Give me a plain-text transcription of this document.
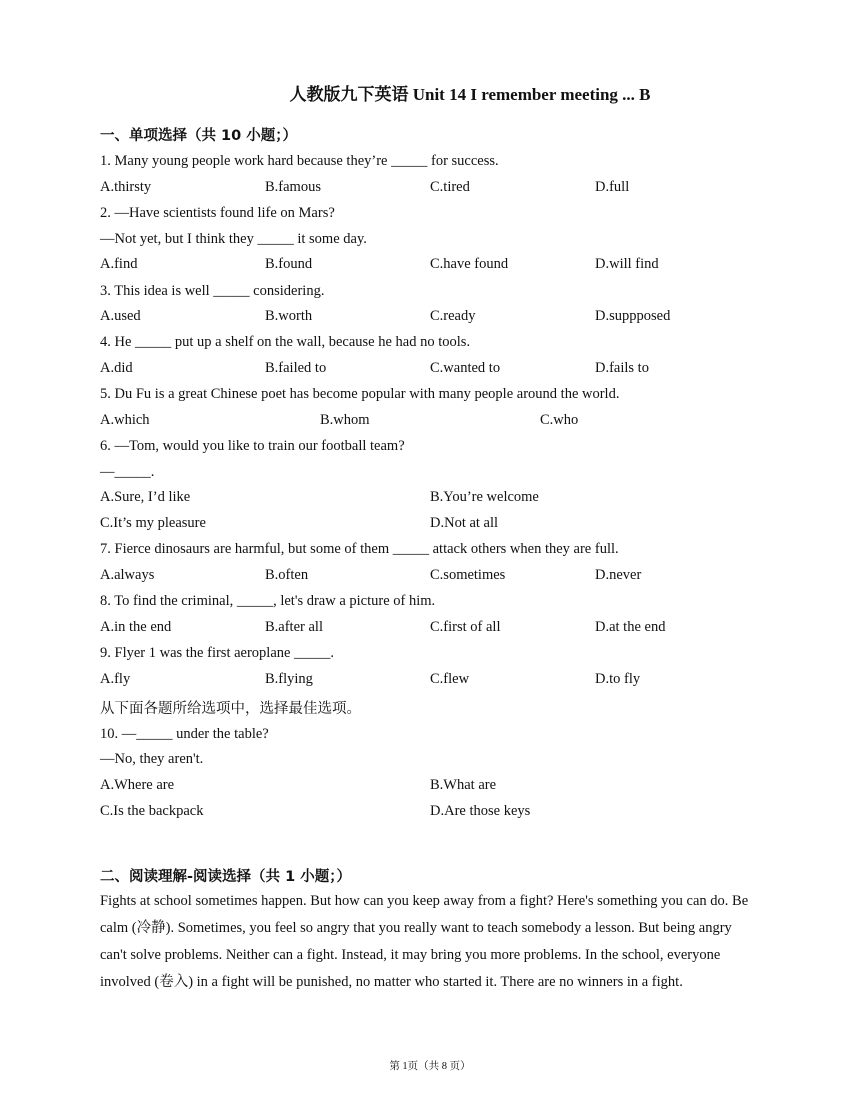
人教版九下英语 Unit 14 I remember meeting ... B
一、单项选择（共 10 小题；）
1. Many young people work hard because they’re _____ for success.
A.thirsty	B.famous	C.tired	D.full
2. —Have scientists found life on Mars?
—Not yet, but I think they _____ it some day.
A.find	B.found	C.have found	D.will find
3. This idea is well _____ considering.
A.used	B.worth	C.ready	D.suppposed
4. He _____ put up a shelf on the wall, because he had no tools.
A.did	B.failed to	C.wanted to	D.fails to
5. Du Fu is a great Chinese poet has become popular with many people around the world.
A.which	B.whom	C.who
6. —Tom, would you like to train our football team?
—_____.
A.Sure, I’d like	B.You’re welcome
C.It’s my pleasure	D.Not at all
7. Fierce dinosaurs are harmful, but some of them _____ attack others when they are full.
A.always	B.often	C.sometimes	D.never
8. To find the criminal, _____, let's draw a picture of him.
A.in the end	B.after all	C.first of all	D.at the end
9. Flyer 1 was the first aeroplane _____.
A.fly	B.flying	C.flew	D.to fly
从下面各题所给选项中，选择最佳选项。
10. —_____ under the table?
—No, they aren't.
A.Where are	B.What are
C.Is the backpack	D.Are those keys
二、阅读理解-阅读选择（共 1 小题；）
Fights at school sometimes happen. But how can you keep away from a fight? Here's something you can do. Be calm (冷静). Sometimes, you feel so angry that you really want to teach somebody a lesson. But being angry can't solve problems. Neither can a fight. Instead, it may bring you more problems. In the school, everyone involved (卷入) in a fight will be punished, no matter who started it. There are no winners in a fight.
第 1页（共 8 页）
